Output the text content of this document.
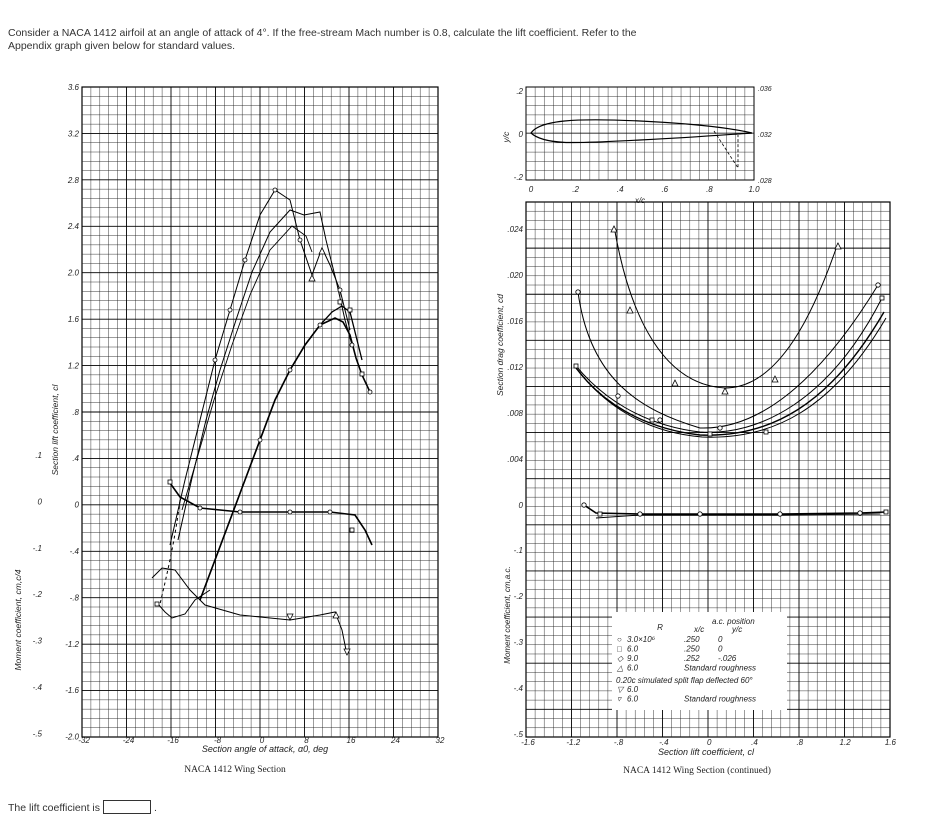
Consider a NACA 1412 airfoil at an angle of attack of 4°. If the free-stream Mach number is 0.8, calculate the lift coefficient. Refer to the
Appendix graph given below for standard values.
3.6
3.2
2.8
2.4
2.0
1.6
1.2
.8
.4
0
-.4
-.8
-1.2
-1.6
-2.0
.1
0
-.1
-.2
-.3
-.4
-.5
-32	-24	-16	-8	0	8	16	24	32
Section lift coefficient, cl
Moment coefficient, cm,c/4
Section angle of attack, α0, deg
NACA 1412 Wing Section
.2
0
-.2
0	.2	.4	.6	.8	1.0
.036
.032
.028
y/c
x/c
.024
.020
.016
.012
.008
.004
0
-.1
-.2
-.3
-.4
-.5
-1.6	-1.2	-.8	-.4	0	.4	.8	1.2	1.6
Section drag coefficient, cd
Moment coefficient, cm,a.c.
Section lift coefficient, cl
NACA 1412 Wing Section (continued)
R
a.c. position
x/c	y/c
○ 3.0×10⁶	.250 0
□ 6.0	.250 0
◇ 9.0	.252 -.026
△ 6.0	Standard roughness
0.20c simulated split flap deflected 60°
▽ 6.0
▿ 6.0	Standard roughness
The lift coefficient is	.
